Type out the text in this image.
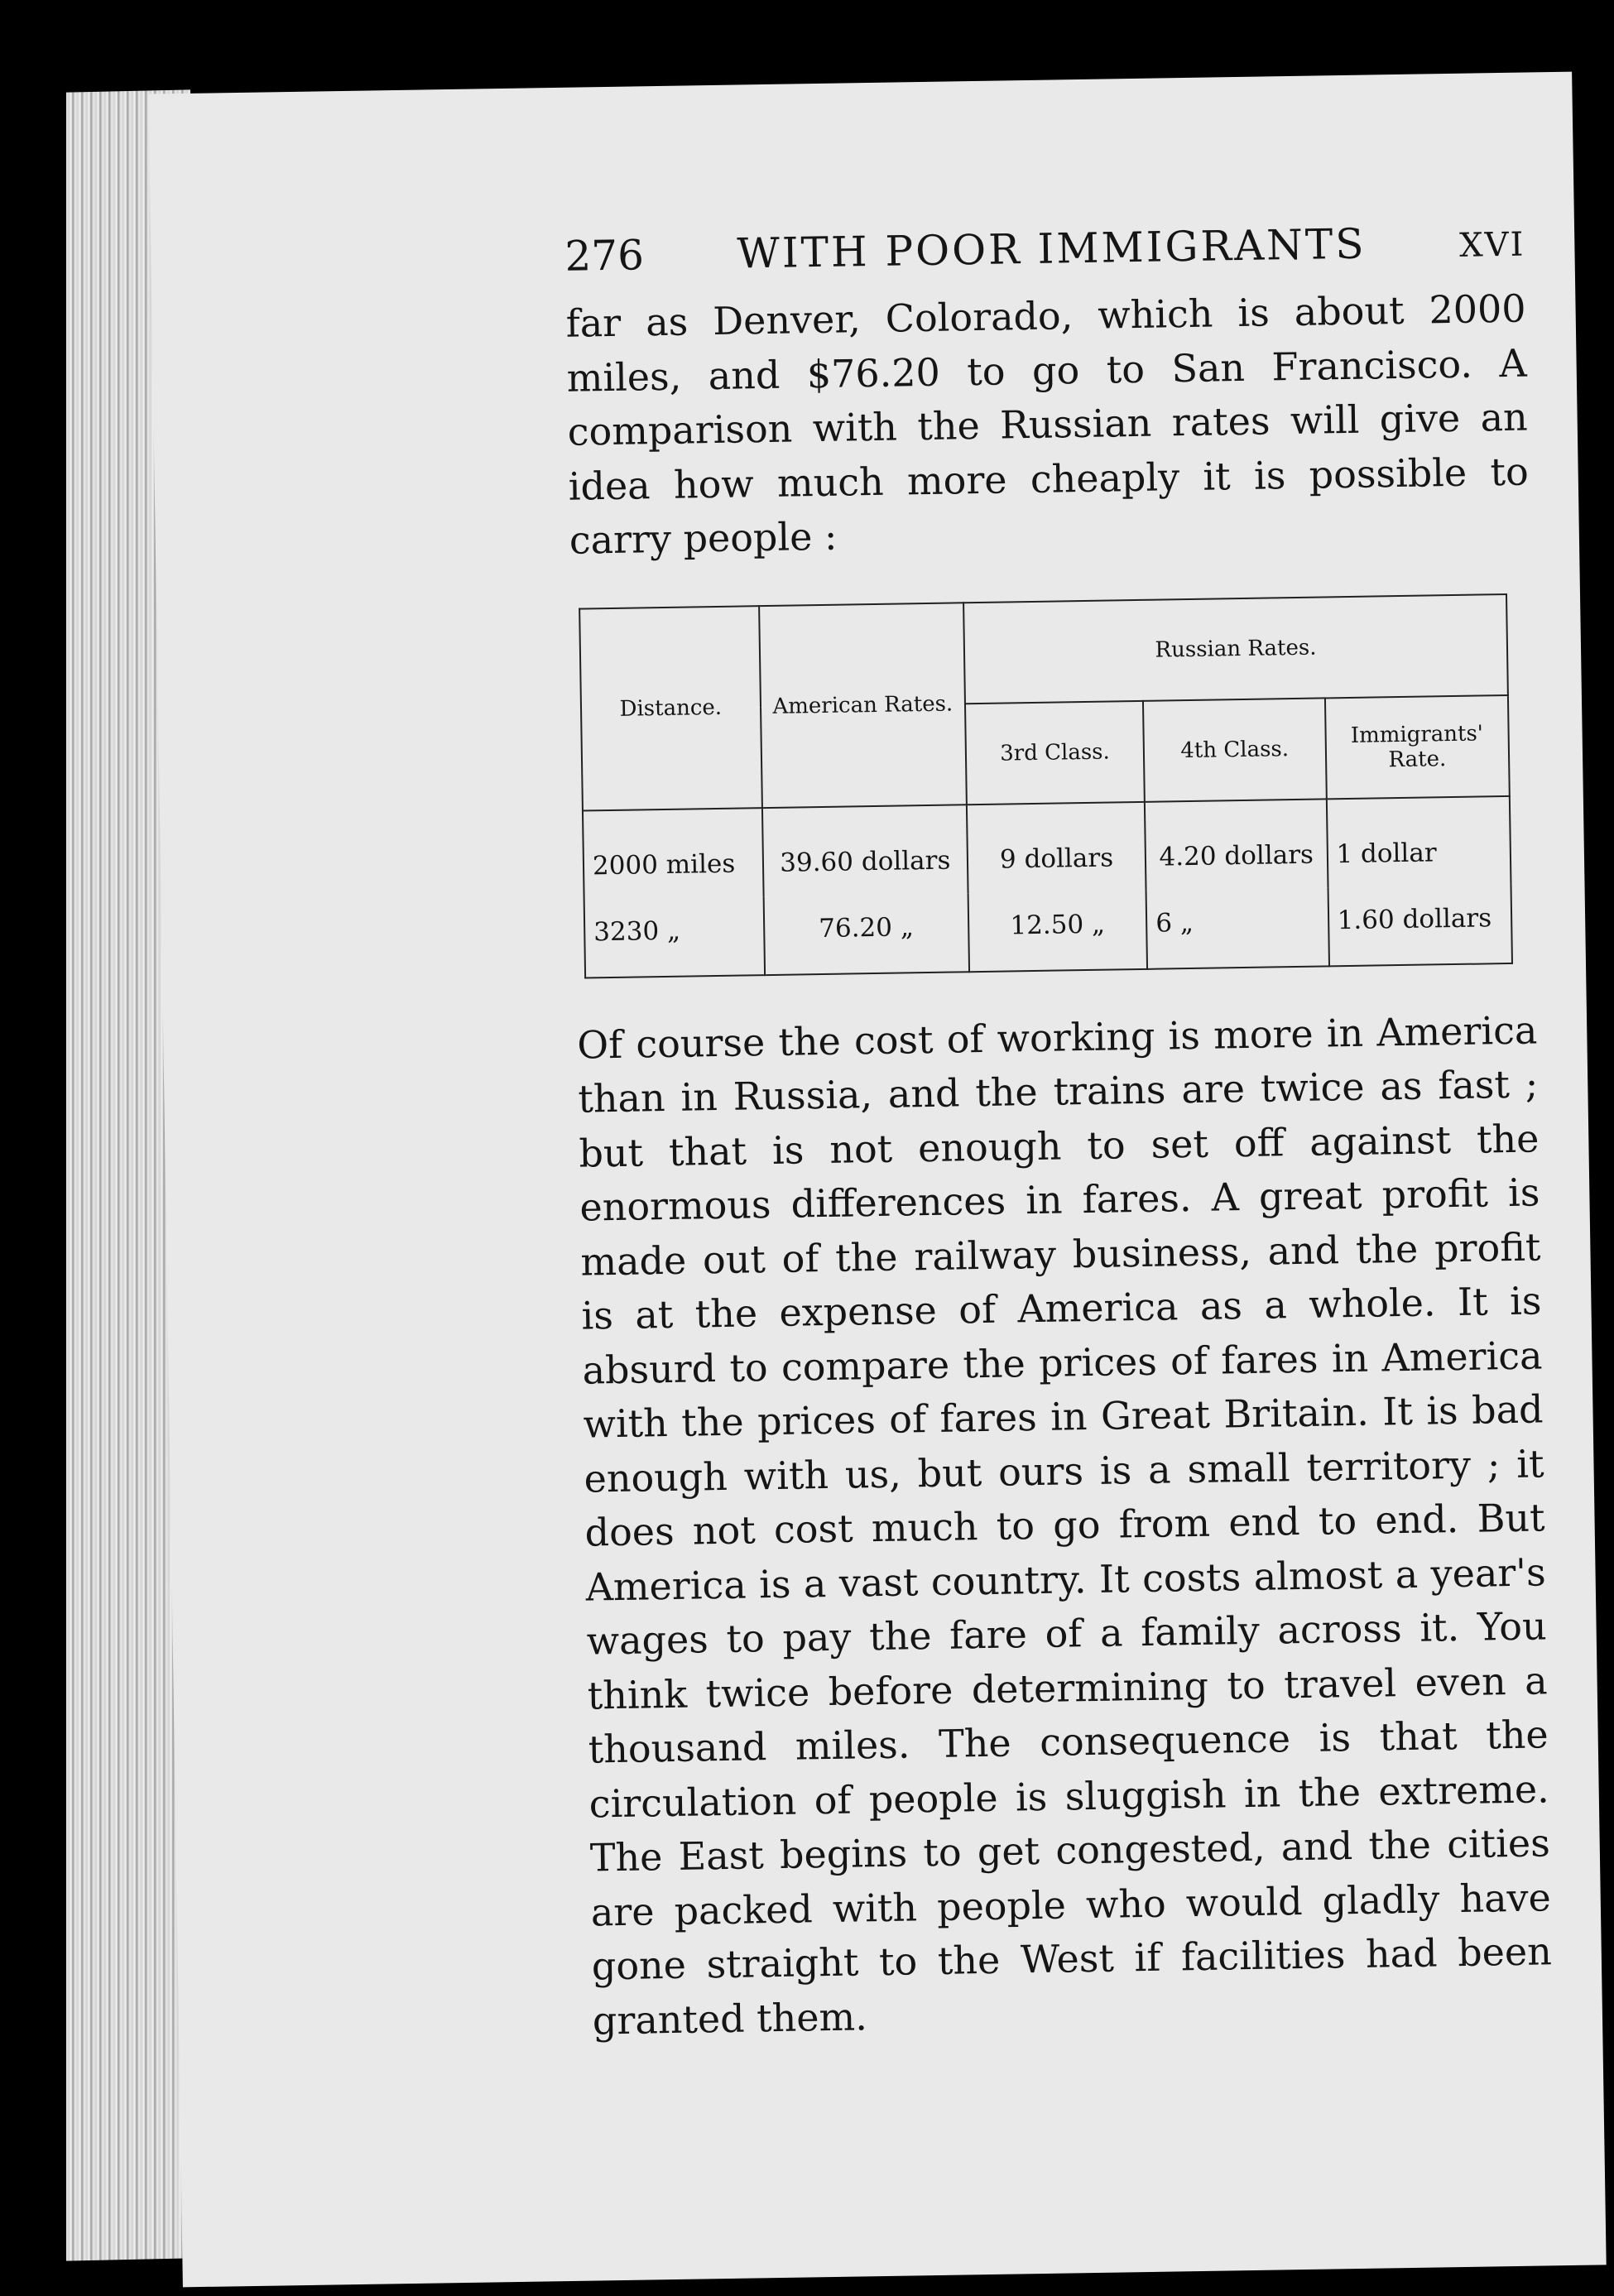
276 WITH POOR IMMIGRANTS	XVI

far as Denver, Colorado, which is about 2000 miles, and $76.20 to go to San Francisco. A comparison with the Russian rates will give an idea how much more cheaply it is possible to carry people :

Distance.	American Rates.	Russian Rates.		
		3rd Class.	4th Class.	Immigrants' Rate.
2000 miles	39.60 dollars	9 dollars	4.20 dollars	1 dollar
3230 „	76.20 „	12.50 „	6 „	1.60 dollars

Of course the cost of working is more in America than in Russia, and the trains are twice as fast ; but that is not enough to set off against the enormous differences in fares. A great profit is made out of the railway business, and the profit is at the expense of America as a whole. It is absurd to compare the prices of fares in America with the prices of fares in Great Britain. It is bad enough with us, but ours is a small territory ; it does not cost much to go from end to end. But America is a vast country. It costs almost a year's wages to pay the fare of a family across it. You think twice before determining to travel even a thousand miles. The consequence is that the circulation of people is sluggish in the extreme. The East begins to get congested, and the cities are packed with people who would gladly have gone straight to the West if facilities had been granted them.
